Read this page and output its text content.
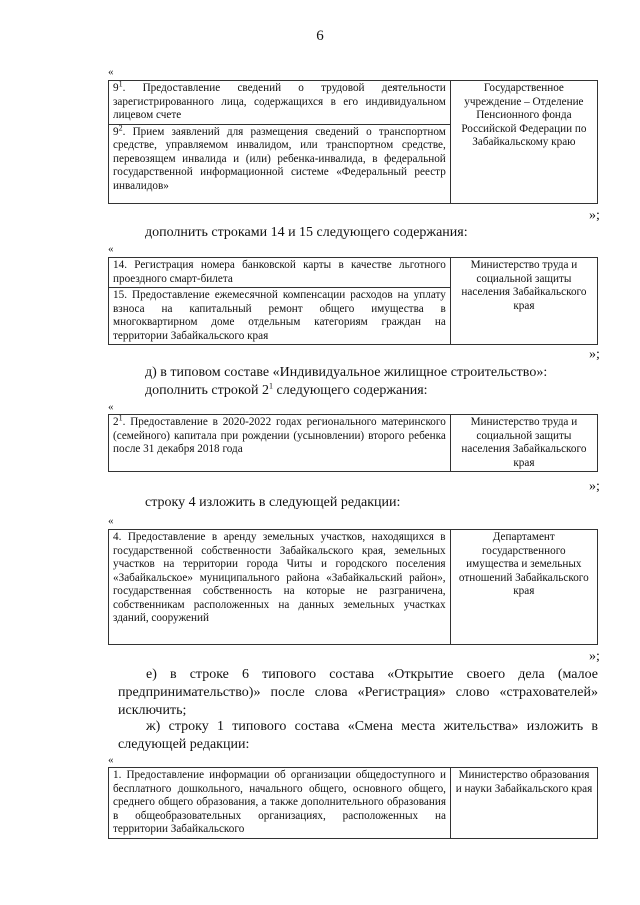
6
«
$9^1$. Предоставление сведений о трудовой деятельности зарегистрированного лица, содержащихся в его индивидуальном лицевом счете	Государственное учреждение – Отделение Пенсионного фонда Российской Федерации по Забайкальскому краю
$9^2$. Прием заявлений для размещения сведений о транспортном средстве, управляемом инвалидом, или транспортном средстве, перевозящем инвалида и (или) ребенка-инвалида, в федеральной государственной информационной системе «Федеральный реестр инвалидов»
»;
дополнить строками 14 и 15 следующего содержания:
«
14. Регистрация номера банковской карты в качестве льготного проездного смарт-билета	Министерство труда и социальной защиты населения Забайкальского края
15. Предоставление ежемесячной компенсации расходов на уплату взноса на капитальный ремонт общего имущества в многоквартирном доме отдельным категориям граждан на территории Забайкальского края
»;
д) в типовом составе «Индивидуальное жилищное строительство»:
дополнить строкой $2^1$ следующего содержания:
«
$2^1$. Предоставление в 2020-2022 годах регионального материнского (семейного) капитала при рождении (усыновлении) второго ребенка после 31 декабря 2018 года	Министерство труда и социальной защиты населения Забайкальского края
»;
строку 4 изложить в следующей редакции:
«
4. Предоставление в аренду земельных участков, находящихся в государственной собственности Забайкальского края, земельных участков на территории города Читы и городского поселения «Забайкальское» муниципального района «Забайкальский район», государственная собственность на которые не разграничена, собственникам расположенных на данных земельных участках зданий, сооружений	Департамент государственного имущества и земельных отношений Забайкальского края
»;
е) в строке 6 типового состава «Открытие своего дела (малое предпринимательство)» после слова «Регистрация» слово «страхователей» исключить;
ж) строку 1 типового состава «Смена места жительства» изложить в следующей редакции:
«
1. Предоставление информации об организации общедоступного и бесплатного дошкольного, начального общего, основного общего, среднего общего образования, а также дополнительного образования в общеобразовательных организациях, расположенных на территории Забайкальского	Министерство образования и науки Забайкальского края
